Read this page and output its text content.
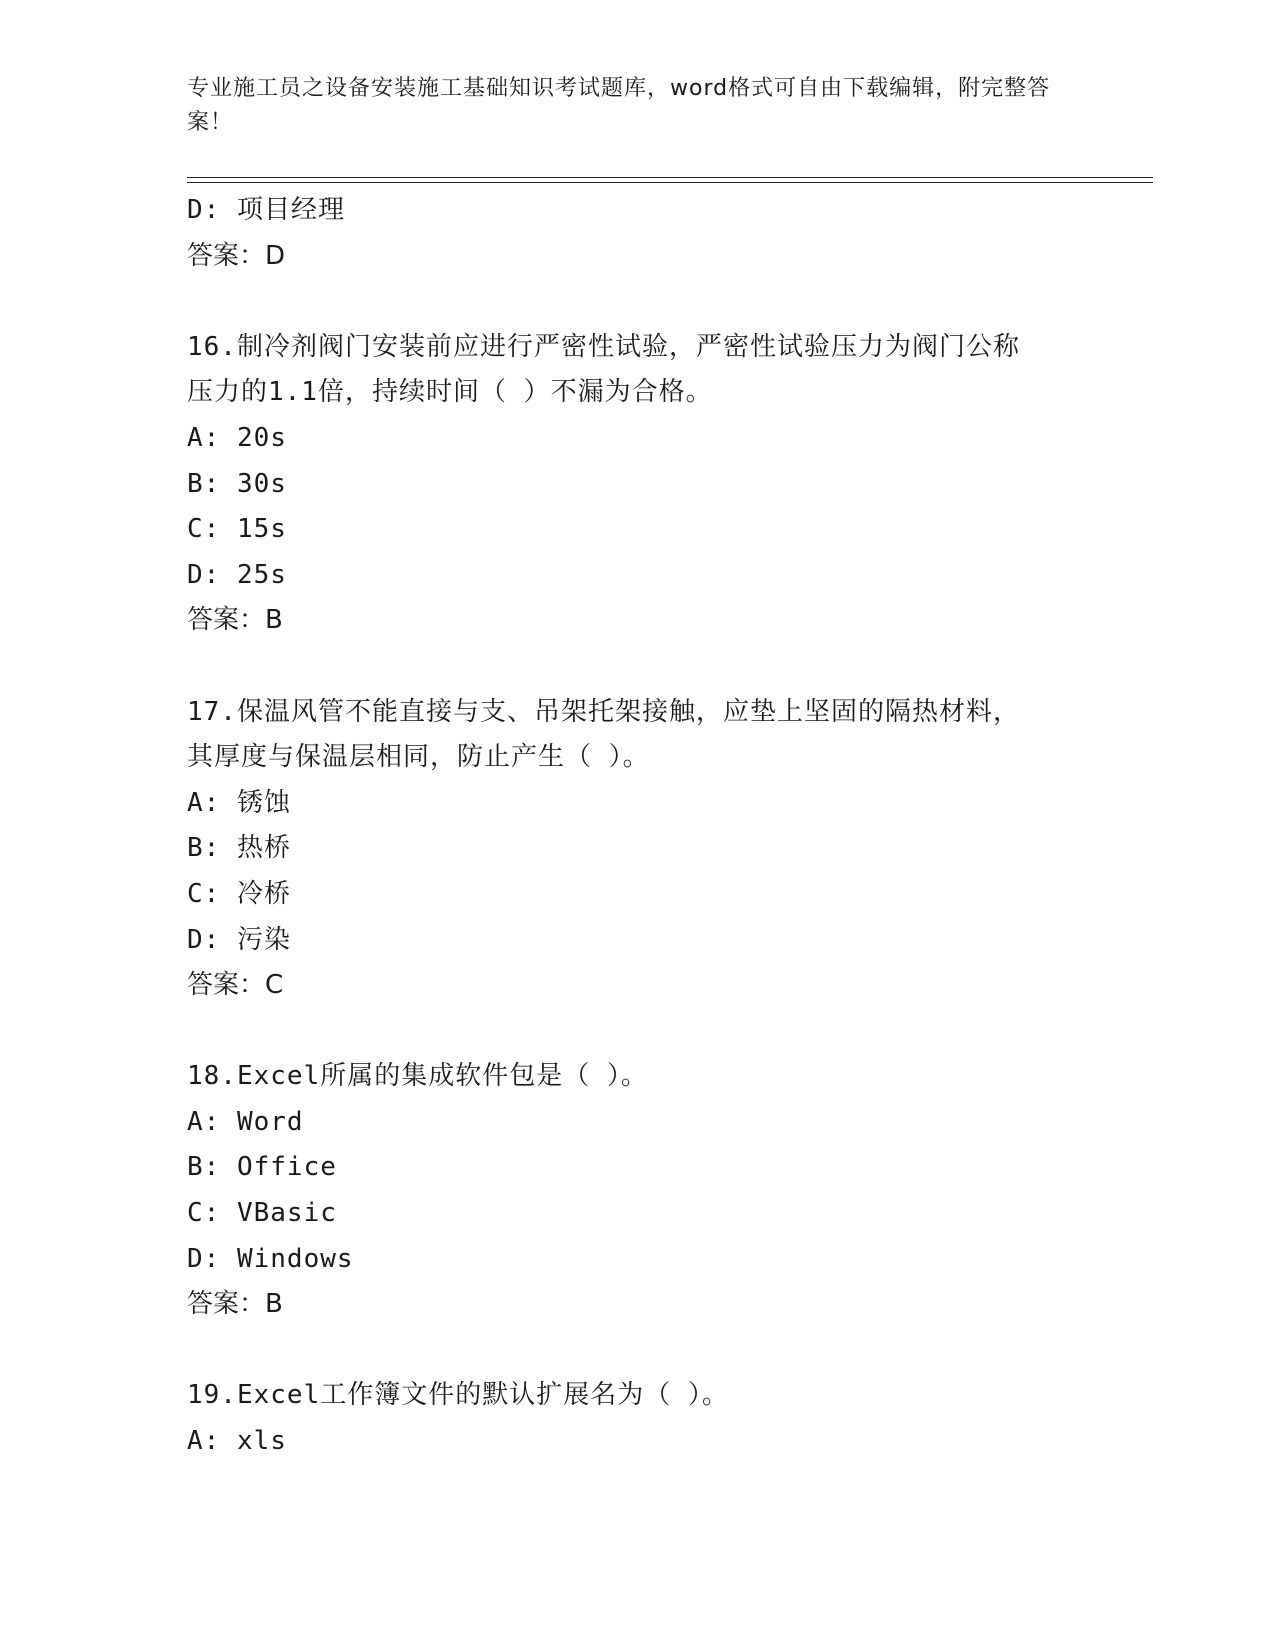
专业施工员之设备安装施工基础知识考试题库，word格式可自由下载编辑，附完整答案！
D: 项目经理
答案：D
16.制冷剂阀门安装前应进行严密性试验，严密性试验压力为阀门公称
压力的1.1倍，持续时间（ ）不漏为合格。
A: 20s
B: 30s
C: 15s
D: 25s
答案：B
17.保温风管不能直接与支、吊架托架接触，应垫上坚固的隔热材料，
其厚度与保温层相同，防止产生（ ）。
A: 锈蚀
B: 热桥
C: 冷桥
D: 污染
答案：C
18.Excel所属的集成软件包是（ ）。
A: Word
B: Office
C: VBasic
D: Windows
答案：B
19.Excel工作簿文件的默认扩展名为（ ）。
A: xls
